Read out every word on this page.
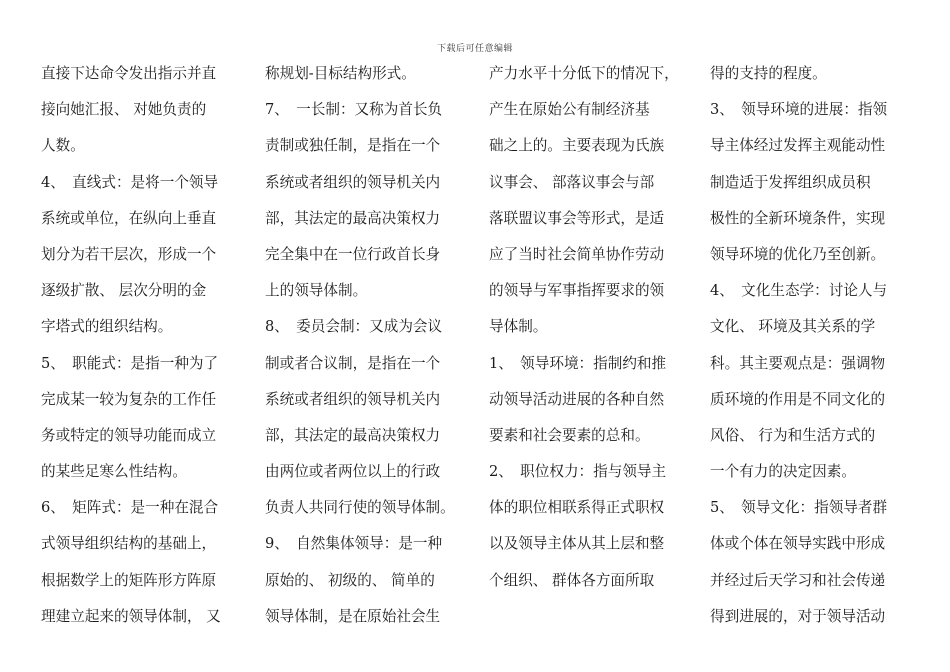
下载后可任意编辑
直接下达命令发出指示并直
接向她汇报、 对她负责的
人数。
4、　直线式：是将一个领导
系统或单位，在纵向上垂直
划分为若干层次，形成一个
逐级扩散、 层次分明的金
字塔式的组织结构。
5、　职能式：是指一种为了
完成某一较为复杂的工作任
务或特定的领导功能而成立
的某些足寒么性结构。
6、　矩阵式：是一种在混合
式领导组织结构的基础上，
根据数学上的矩阵形方阵原
理建立起来的领导体制， 又
称规划-目标结构形式。
7、　一长制：又称为首长负
责制或独任制，是指在一个
系统或者组织的领导机关内
部，其法定的最高决策权力
完全集中在一位行政首长身
上的领导体制。
8、　委员会制：又成为会议
制或者合议制，是指在一个
系统或者组织的领导机关内
部，其法定的最高决策权力
由两位或者两位以上的行政
负责人共同行使的领导体制。
9、　自然集体领导：是一种
原始的、 初级的、 简单的
领导体制，是在原始社会生
产力水平十分低下的情况下，
产生在原始公有制经济基
础之上的。主要表现为氏族
议事会、 部落议事会与部
落联盟议事会等形式，是适
应了当时社会简单协作劳动
的领导与军事指挥要求的领
导体制。
1、　领导环境：指制约和推
动领导活动进展的各种自然
要素和社会要素的总和。
2、　职位权力：指与领导主
体的职位相联系得正式职权
以及领导主体从其上层和整
个组织、 群体各方面所取
得的支持的程度。
3、　领导环境的进展：指领
导主体经过发挥主观能动性
制造适于发挥组织成员积
极性的全新环境条件，实现
领导环境的优化乃至创新。
4、　文化生态学：讨论人与
文化、 环境及其关系的学
科。其主要观点是：强调物
质环境的作用是不同文化的
风俗、 行为和生活方式的
一个有力的决定因素。
5、　领导文化：指领导者群
体或个体在领导实践中形成
并经过后天学习和社会传递
得到进展的，对于领导活动
